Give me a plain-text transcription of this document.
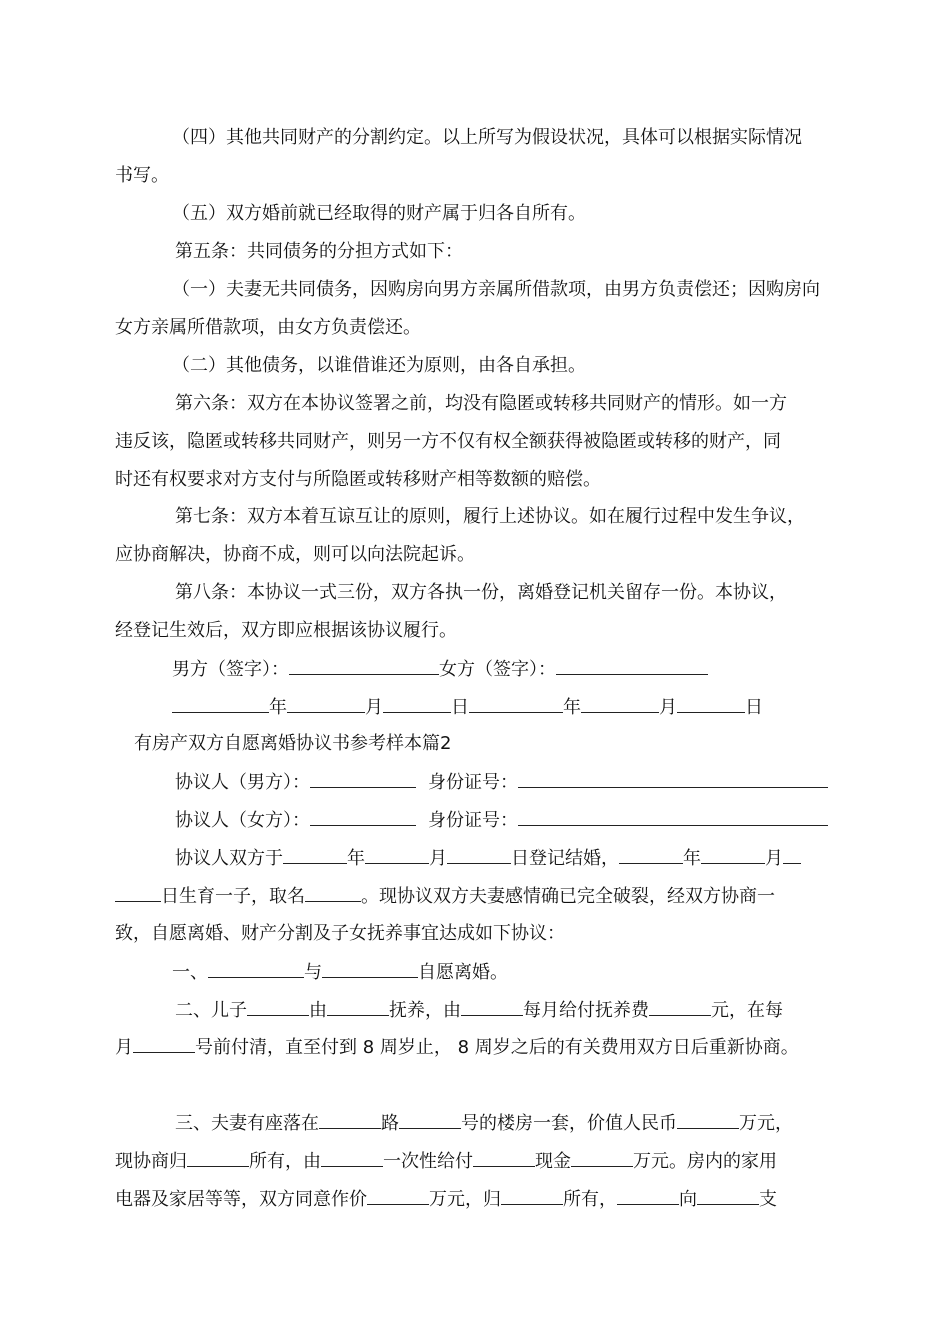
（四）其他共同财产的分割约定。以上所写为假设状况，具体可以根据实际情况
书写。
（五）双方婚前就已经取得的财产属于归各自所有。
第五条：共同债务的分担方式如下：
（一）夫妻无共同债务，因购房向男方亲属所借款项，由男方负责偿还；因购房向
女方亲属所借款项，由女方负责偿还。
（二）其他债务，以谁借谁还为原则，由各自承担。
第六条：双方在本协议签署之前，均没有隐匿或转移共同财产的情形。如一方
违反该，隐匿或转移共同财产，则另一方不仅有权全额获得被隐匿或转移的财产，同
时还有权要求对方支付与所隐匿或转移财产相等数额的赔偿。
第七条：双方本着互谅互让的原则，履行上述协议。如在履行过程中发生争议，
应协商解决，协商不成，则可以向法院起诉。
第八条：本协议一式三份，双方各执一份，离婚登记机关留存一份。本协议，
经登记生效后，双方即应根据该协议履行。
男方（签字）：	女方（签字）：
年	月	日	年	月	日
有房产双方自愿离婚协议书参考样本篇2
协议人（男方）：	身份证号：
协议人（女方）：	身份证号：
协议人双方于	年	月	日登记结婚，	年	月
日生育一子，取名	。现协议双方夫妻感情确已完全破裂，经双方协商一
致，自愿离婚、财产分割及子女抚养事宜达成如下协议：
一、	与	自愿离婚。
二、儿子	由	抚养，由	每月给付抚养费	元，在每
月	号前付清，直至付到 8 周岁止， 8 周岁之后的有关费用双方日后重新协商。
三、夫妻有座落在	路	号的楼房一套，价值人民币	万元，
现协商归	所有，由	一次性给付	现金	万元。房内的家用
电器及家居等等，双方同意作价	万元，归	所有，	向	支
